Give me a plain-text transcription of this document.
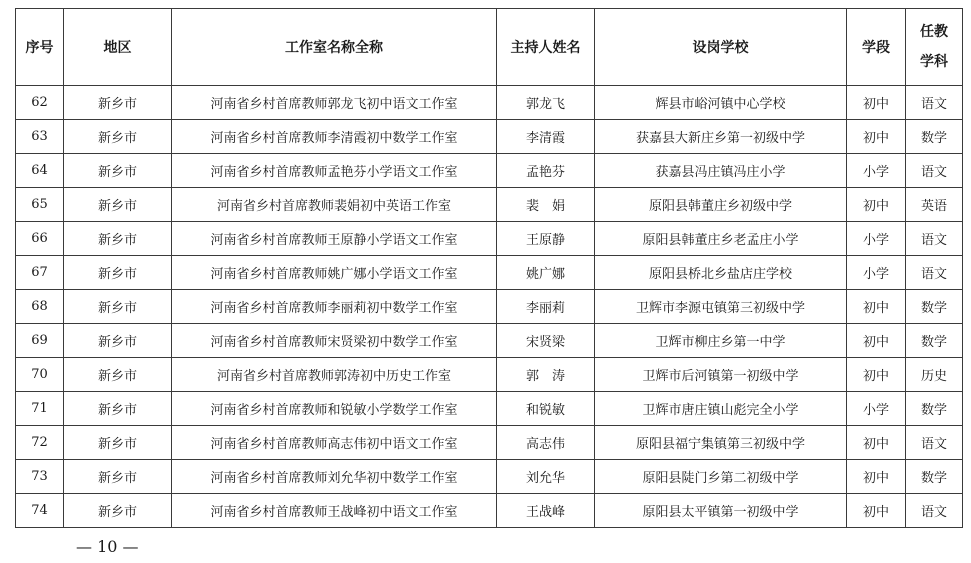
序号	地区	工作室名称全称	主持人姓名	设岗学校	学段	任教
学科

62	新乡市	河南省乡村首席教师郭龙飞初中语文工作室	郭龙飞	辉县市峪河镇中心学校	初中	语文
63	新乡市	河南省乡村首席教师李清霞初中数学工作室	李清霞	获嘉县大新庄乡第一初级中学	初中	数学
64	新乡市	河南省乡村首席教师孟艳芬小学语文工作室	孟艳芬	获嘉县冯庄镇冯庄小学	小学	语文
65	新乡市	河南省乡村首席教师裴娟初中英语工作室	裴　娟	原阳县韩董庄乡初级中学	初中	英语
66	新乡市	河南省乡村首席教师王原静小学语文工作室	王原静	原阳县韩董庄乡老孟庄小学	小学	语文
67	新乡市	河南省乡村首席教师姚广娜小学语文工作室	姚广娜	原阳县桥北乡盐店庄学校	小学	语文
68	新乡市	河南省乡村首席教师李丽莉初中数学工作室	李丽莉	卫辉市李源屯镇第三初级中学	初中	数学
69	新乡市	河南省乡村首席教师宋贤梁初中数学工作室	宋贤梁	卫辉市柳庄乡第一中学	初中	数学
70	新乡市	河南省乡村首席教师郭涛初中历史工作室	郭　涛	卫辉市后河镇第一初级中学	初中	历史
71	新乡市	河南省乡村首席教师和锐敏小学数学工作室	和锐敏	卫辉市唐庄镇山彪完全小学	小学	数学
72	新乡市	河南省乡村首席教师高志伟初中语文工作室	高志伟	原阳县福宁集镇第三初级中学	初中	语文
73	新乡市	河南省乡村首席教师刘允华初中数学工作室	刘允华	原阳县陡门乡第二初级中学	初中	数学
74	新乡市	河南省乡村首席教师王战峰初中语文工作室	王战峰	原阳县太平镇第一初级中学	初中	语文
— 10 —
